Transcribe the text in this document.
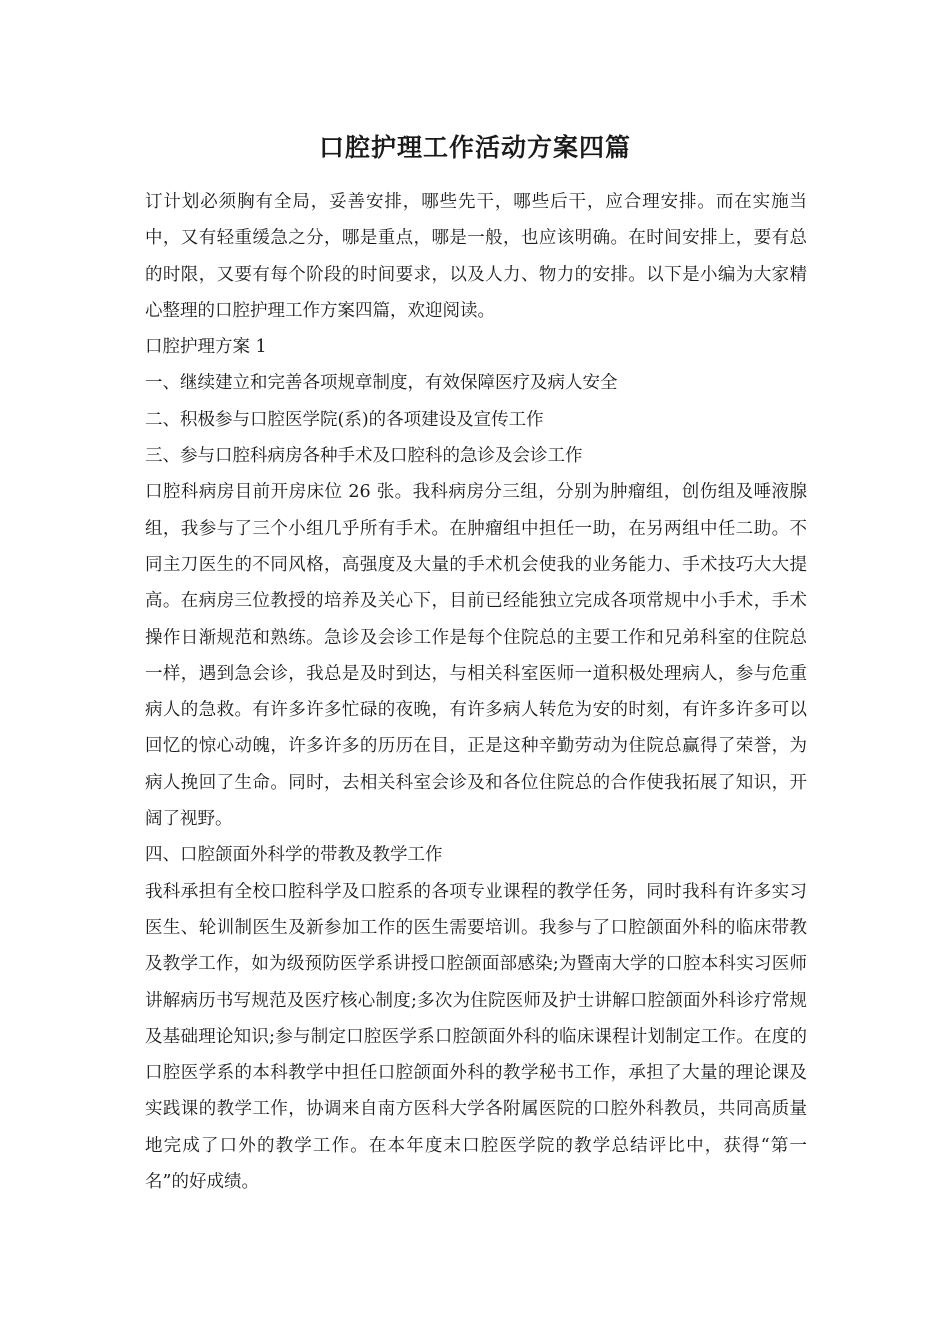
口腔护理工作活动方案四篇

订计划必须胸有全局，妥善安排，哪些先干，哪些后干，应合理安排。而在实施当中，又有轻重缓急之分，哪是重点，哪是一般，也应该明确。在时间安排上，要有总的时限，又要有每个阶段的时间要求，以及人力、物力的安排。以下是小编为大家精心整理的口腔护理工作方案四篇，欢迎阅读。

口腔护理方案 1

一、继续建立和完善各项规章制度，有效保障医疗及病人安全

二、积极参与口腔医学院(系)的各项建设及宣传工作

三、参与口腔科病房各种手术及口腔科的急诊及会诊工作

口腔科病房目前开房床位 26 张。我科病房分三组，分别为肿瘤组，创伤组及唾液腺组，我参与了三个小组几乎所有手术。在肿瘤组中担任一助，在另两组中任二助。不同主刀医生的不同风格，高强度及大量的手术机会使我的业务能力、手术技巧大大提高。在病房三位教授的培养及关心下，目前已经能独立完成各项常规中小手术，手术操作日渐规范和熟练。急诊及会诊工作是每个住院总的主要工作和兄弟科室的住院总一样，遇到急会诊，我总是及时到达，与相关科室医师一道积极处理病人，参与危重病人的急救。有许多许多忙碌的夜晚，有许多病人转危为安的时刻，有许多许多可以回忆的惊心动魄，许多许多的历历在目，正是这种辛勤劳动为住院总赢得了荣誉，为病人挽回了生命。同时，去相关科室会诊及和各位住院总的合作使我拓展了知识，开阔了视野。

四、口腔颌面外科学的带教及教学工作

我科承担有全校口腔科学及口腔系的各项专业课程的教学任务，同时我科有许多实习医生、轮训制医生及新参加工作的医生需要培训。我参与了口腔颌面外科的临床带教及教学工作，如为级预防医学系讲授口腔颌面部感染;为暨南大学的口腔本科实习医师讲解病历书写规范及医疗核心制度;多次为住院医师及护士讲解口腔颌面外科诊疗常规及基础理论知识;参与制定口腔医学系口腔颌面外科的临床课程计划制定工作。在度的口腔医学系的本科教学中担任口腔颌面外科的教学秘书工作，承担了大量的理论课及实践课的教学工作，协调来自南方医科大学各附属医院的口腔外科教员，共同高质量地完成了口外的教学工作。在本年度末口腔医学院的教学总结评比中，获得“第一名”的好成绩。
